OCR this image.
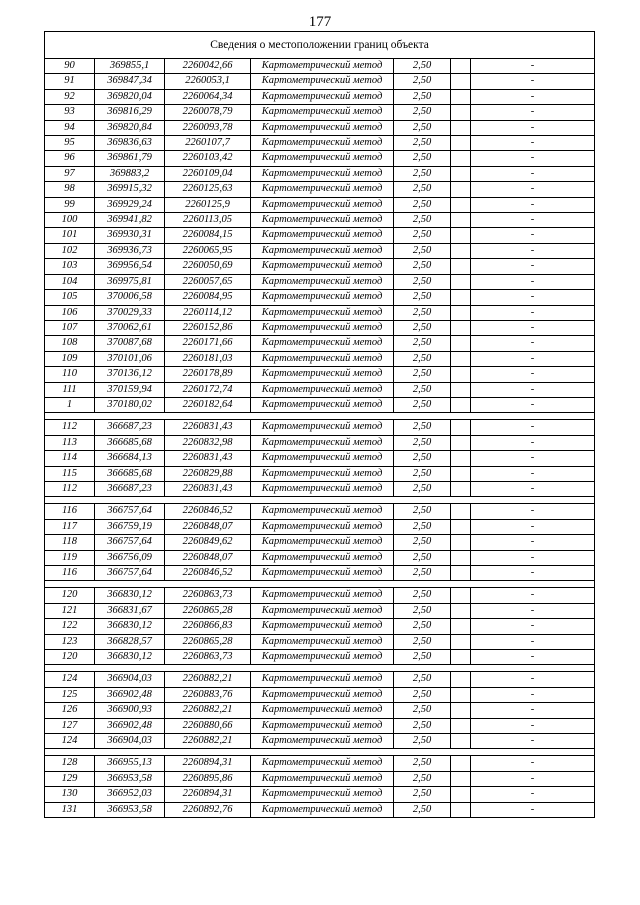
177
Сведения о местоположении границ объекта						
90	369855,1	2260042,66	Картометрический метод	2,50		-
91	369847,34	2260053,1	Картометрический метод	2,50		-
92	369820,04	2260064,34	Картометрический метод	2,50		-
93	369816,29	2260078,79	Картометрический метод	2,50		-
94	369820,84	2260093,78	Картометрический метод	2,50		-
95	369836,63	2260107,7	Картометрический метод	2,50		-
96	369861,79	2260103,42	Картометрический метод	2,50		-
97	369883,2	2260109,04	Картометрический метод	2,50		-
98	369915,32	2260125,63	Картометрический метод	2,50		-
99	369929,24	2260125,9	Картометрический метод	2,50		-
100	369941,82	2260113,05	Картометрический метод	2,50		-
101	369930,31	2260084,15	Картометрический метод	2,50		-
102	369936,73	2260065,95	Картометрический метод	2,50		-
103	369956,54	2260050,69	Картометрический метод	2,50		-
104	369975,81	2260057,65	Картометрический метод	2,50		-
105	370006,58	2260084,95	Картометрический метод	2,50		-
106	370029,33	2260114,12	Картометрический метод	2,50		-
107	370062,61	2260152,86	Картометрический метод	2,50		-
108	370087,68	2260171,66	Картометрический метод	2,50		-
109	370101,06	2260181,03	Картометрический метод	2,50		-
110	370136,12	2260178,89	Картометрический метод	2,50		-
111	370159,94	2260172,74	Картометрический метод	2,50		-
1	370180,02	2260182,64	Картометрический метод	2,50		-

112	366687,23	2260831,43	Картометрический метод	2,50		-
113	366685,68	2260832,98	Картометрический метод	2,50		-
114	366684,13	2260831,43	Картометрический метод	2,50		-
115	366685,68	2260829,88	Картометрический метод	2,50		-
112	366687,23	2260831,43	Картометрический метод	2,50		-

116	366757,64	2260846,52	Картометрический метод	2,50		-
117	366759,19	2260848,07	Картометрический метод	2,50		-
118	366757,64	2260849,62	Картометрический метод	2,50		-
119	366756,09	2260848,07	Картометрический метод	2,50		-
116	366757,64	2260846,52	Картометрический метод	2,50		-

120	366830,12	2260863,73	Картометрический метод	2,50		-
121	366831,67	2260865,28	Картометрический метод	2,50		-
122	366830,12	2260866,83	Картометрический метод	2,50		-
123	366828,57	2260865,28	Картометрический метод	2,50		-
120	366830,12	2260863,73	Картометрический метод	2,50		-

124	366904,03	2260882,21	Картометрический метод	2,50		-
125	366902,48	2260883,76	Картометрический метод	2,50		-
126	366900,93	2260882,21	Картометрический метод	2,50		-
127	366902,48	2260880,66	Картометрический метод	2,50		-
124	366904,03	2260882,21	Картометрический метод	2,50		-

128	366955,13	2260894,31	Картометрический метод	2,50		-
129	366953,58	2260895,86	Картометрический метод	2,50		-
130	366952,03	2260894,31	Картометрический метод	2,50		-
131	366953,58	2260892,76	Картометрический метод	2,50		-
